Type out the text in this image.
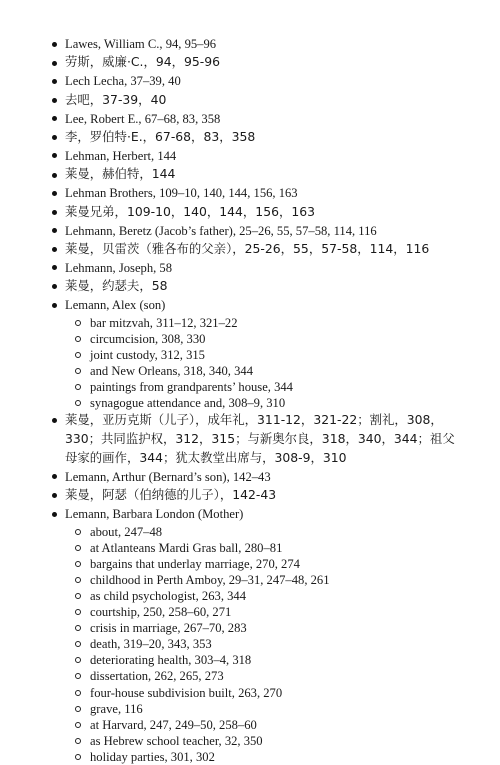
Lawes, William C., 94, 95–96
劳斯，威廉·C.，94，95-96
Lech Lecha, 37–39, 40
去吧，37-39，40
Lee, Robert E., 67–68, 83, 358
李，罗伯特·E.，67-68，83，358
Lehman, Herbert, 144
莱曼，赫伯特，144
Lehman Brothers, 109–10, 140, 144, 156, 163
莱曼兄弟，109-10，140，144，156，163
Lehmann, Beretz (Jacob’s father), 25–26, 55, 57–58, 114, 116
莱曼，贝雷茨（雅各布的父亲），25-26，55，57-58，114，116
Lehmann, Joseph, 58
莱曼，约瑟夫，58
Lemann, Alex (son)
bar mitzvah, 311–12, 321–22
circumcision, 308, 330
joint custody, 312, 315
and New Orleans, 318, 340, 344
paintings from grandparents’ house, 344
synagogue attendance and, 308–9, 310
莱曼，亚历克斯（儿子），成年礼，311-12，321-22；割礼，308，330；共同监护权，312，315；与新奥尔良，318，340，344；祖父母家的画作，344；犹太教堂出席与，308-9，310
Lemann, Arthur (Bernard’s son), 142–43
莱曼，阿瑟（伯纳德的儿子），142-43
Lemann, Barbara London (Mother)
about, 247–48
at Atlanteans Mardi Gras ball, 280–81
bargains that underlay marriage, 270, 274
childhood in Perth Amboy, 29–31, 247–48, 261
as child psychologist, 263, 344
courtship, 250, 258–60, 271
crisis in marriage, 267–70, 283
death, 319–20, 343, 353
deteriorating health, 303–4, 318
dissertation, 262, 265, 273
four-house subdivision built, 263, 270
grave, 116
at Harvard, 247, 249–50, 258–60
as Hebrew school teacher, 32, 350
holiday parties, 301, 302
